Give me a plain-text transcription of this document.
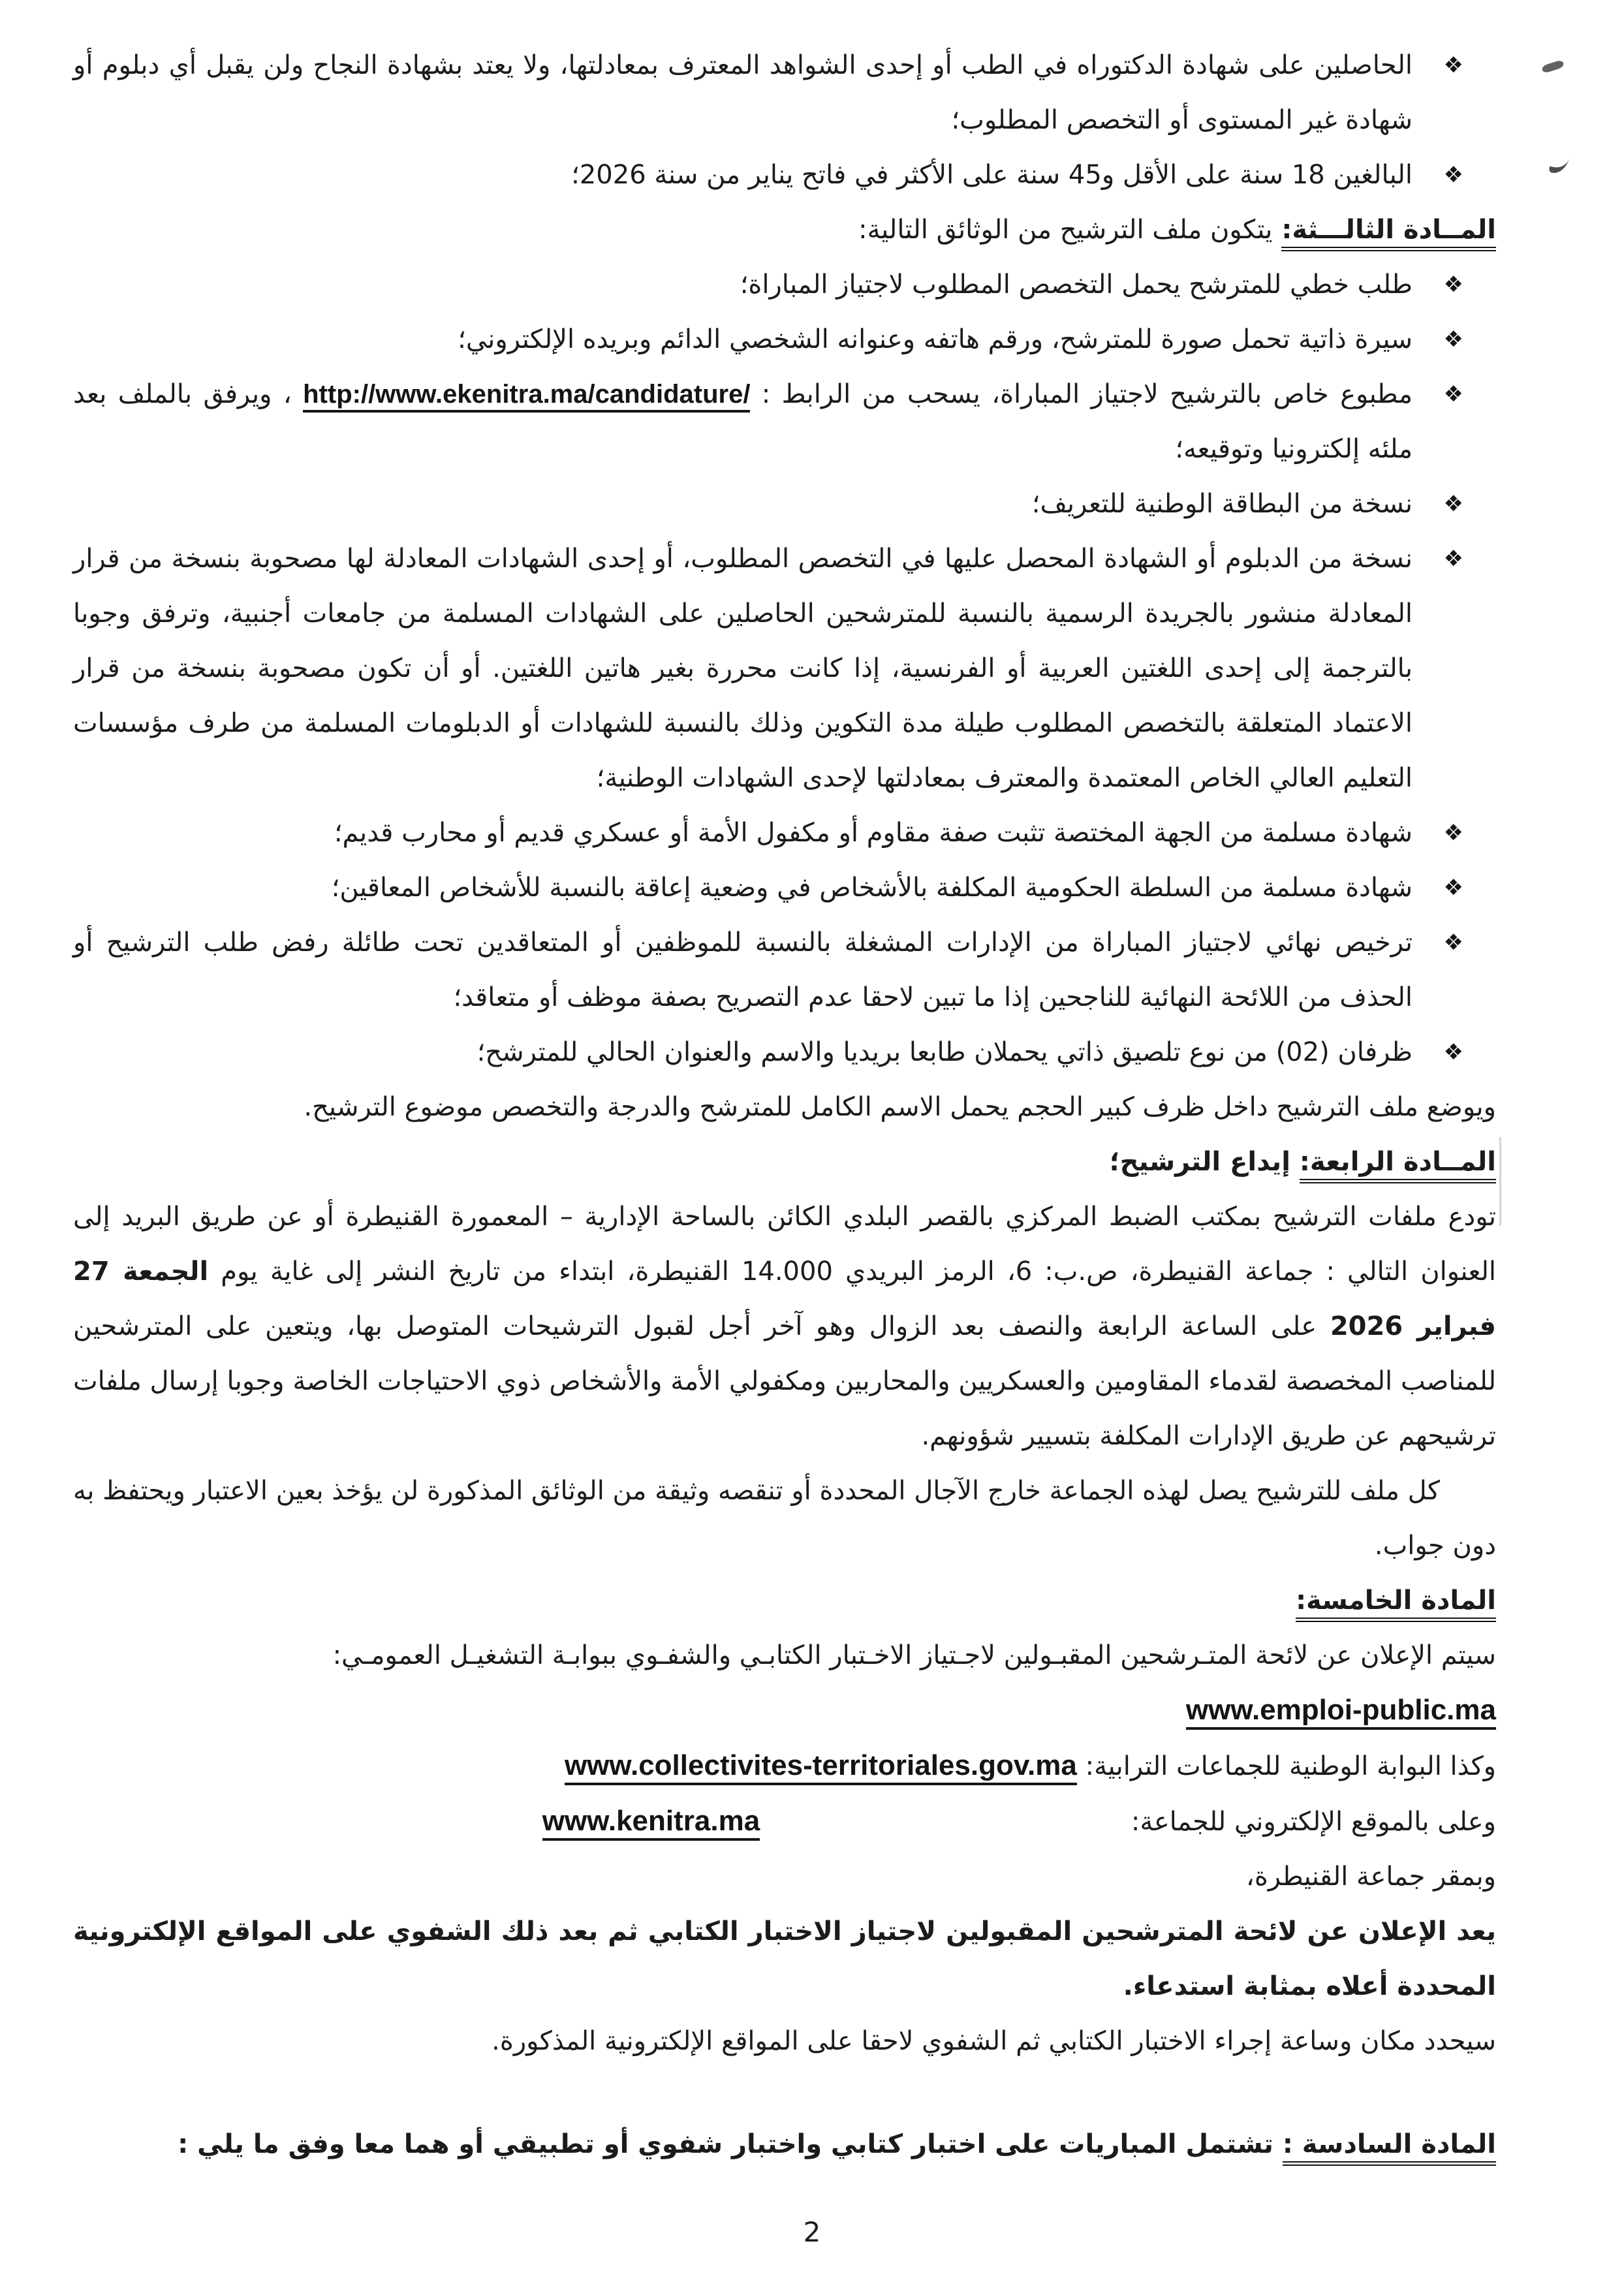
❖
الحاصلين على شهادة الدكتوراه في الطب أو إحدى الشواهد المعترف بمعادلتها، ولا يعتد بشهادة النجاح ولن يقبل أي دبلوم أو شهادة غير المستوى أو التخصص المطلوب؛
❖
البالغين 18 سنة على الأقل و45 سنة على الأكثر في فاتح يناير من سنة 2026؛

المــادة الثالـــثة: يتكون ملف الترشيح من الوثائق التالية:

❖
طلب خطي للمترشح يحمل التخصص المطلوب لاجتياز المباراة؛
❖
سيرة ذاتية تحمل صورة للمترشح، ورقم هاتفه وعنوانه الشخصي الدائم وبريده الإلكتروني؛
❖
مطبوع خاص بالترشيح لاجتياز المباراة، يسحب من الرابط : http://www.ekenitra.ma/candidature/ ، ويرفق بالملف بعد ملئه إلكترونيا وتوقيعه؛
❖
نسخة من البطاقة الوطنية للتعريف؛
❖
نسخة من الدبلوم أو الشهادة المحصل عليها في التخصص المطلوب، أو إحدى الشهادات المعادلة لها مصحوبة بنسخة من قرار المعادلة منشور بالجريدة الرسمية بالنسبة للمترشحين الحاصلين على الشهادات المسلمة من جامعات أجنبية، وترفق وجوبا بالترجمة إلى إحدى اللغتين العربية أو الفرنسية، إذا كانت محررة بغير هاتين اللغتين. أو أن تكون مصحوبة بنسخة من قرار الاعتماد المتعلقة بالتخصص المطلوب طيلة مدة التكوين وذلك بالنسبة للشهادات أو الدبلومات المسلمة من طرف مؤسسات التعليم العالي الخاص المعتمدة والمعترف بمعادلتها لإحدى الشهادات الوطنية؛
❖
شهادة مسلمة من الجهة المختصة تثبت صفة مقاوم أو مكفول الأمة أو عسكري قديم أو محارب قديم؛
❖
شهادة مسلمة من السلطة الحكومية المكلفة بالأشخاص في وضعية إعاقة بالنسبة للأشخاص المعاقين؛
❖
ترخيص نهائي لاجتياز المباراة من الإدارات المشغلة بالنسبة للموظفين أو المتعاقدين تحت طائلة رفض طلب الترشيح أو الحذف من اللائحة النهائية للناجحين إذا ما تبين لاحقا عدم التصريح بصفة موظف أو متعاقد؛
❖
ظرفان (02) من نوع تلصيق ذاتي يحملان طابعا بريديا والاسم والعنوان الحالي للمترشح؛

ويوضع ملف الترشيح داخل ظرف كبير الحجم يحمل الاسم الكامل للمترشح والدرجة والتخصص موضوع الترشيح.

المــادة الرابعة: إيداع الترشيح؛

تودع ملفات الترشيح بمكتب الضبط المركزي بالقصر البلدي الكائن بالساحة الإدارية – المعمورة القنيطرة أو عن طريق البريد إلى العنوان التالي : جماعة القنيطرة، ص.ب: 6، الرمز البريدي 14.000 القنيطرة، ابتداء من تاريخ النشر إلى غاية يوم الجمعة 27 فبراير 2026 على الساعة الرابعة والنصف بعد الزوال وهو آخر أجل لقبول الترشيحات المتوصل بها، ويتعين على المترشحين للمناصب المخصصة لقدماء المقاومين والعسكريين والمحاربين ومكفولي الأمة والأشخاص ذوي الاحتياجات الخاصة وجوبا إرسال ملفات ترشيحهم عن طريق الإدارات المكلفة بتسيير شؤونهم.

كل ملف للترشيح يصل لهذه الجماعة خارج الآجال المحددة أو تنقصه وثيقة من الوثائق المذكورة لن يؤخذ بعين الاعتبار ويحتفظ به دون جواب.

المادة الخامسة:

سيتم الإعلان عن لائحة المتـرشحين المقبـولين لاجـتياز الاخـتبار الكتابـي والشفـوي ببوابـة التشغيـل العمومـي:

www.emploi-public.ma

وكذا البوابة الوطنية للجماعات الترابية: www.collectivites-territoriales.gov.ma

وعلى بالموقع الإلكتروني للجماعة: www.kenitra.ma

وبمقر جماعة القنيطرة،

يعد الإعلان عن لائحة المترشحين المقبولين لاجتياز الاختبار الكتابي ثم بعد ذلك الشفوي على المواقع الإلكترونية المحددة أعلاه بمثابة استدعاء.

سيحدد مكان وساعة إجراء الاختبار الكتابي ثم الشفوي لاحقا على المواقع الإلكترونية المذكورة.

المادة السادسة : تشتمل المباريات على اختبار كتابي واختبار شفوي أو تطبيقي أو هما معا وفق ما يلي :

2
